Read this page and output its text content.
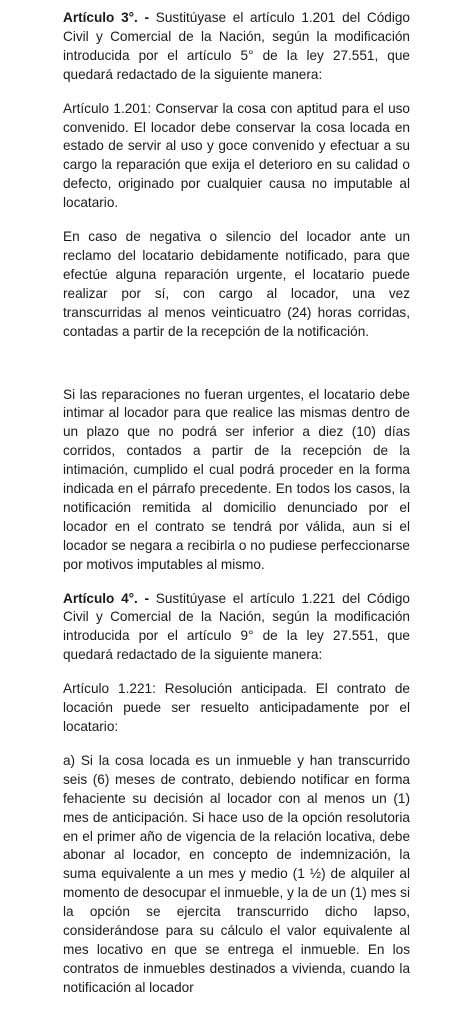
Artículo 3°. - Sustitúyase el artículo 1.201 del Código Civil y Comercial de la Nación, según la modificación introducida por el artículo 5° de la ley 27.551, que quedará redactado de la siguiente manera:

Artículo 1.201: Conservar la cosa con aptitud para el uso convenido. El locador debe conservar la cosa locada en estado de servir al uso y goce convenido y efectuar a su cargo la reparación que exija el deterioro en su calidad o defecto, originado por cualquier causa no imputable al locatario.

En caso de negativa o silencio del locador ante un reclamo del locatario debidamente notificado, para que efectúe alguna reparación urgente, el locatario puede realizar por sí, con cargo al locador, una vez transcurridas al menos veinticuatro (24) horas corridas, contadas a partir de la recepción de la notificación.

Si las reparaciones no fueran urgentes, el locatario debe intimar al locador para que realice las mismas dentro de un plazo que no podrá ser inferior a diez (10) días corridos, contados a partir de la recepción de la intimación, cumplido el cual podrá proceder en la forma indicada en el párrafo precedente. En todos los casos, la notificación remitida al domicilio denunciado por el locador en el contrato se tendrá por válida, aun si el locador se negara a recibirla o no pudiese perfeccionarse por motivos imputables al mismo.

Artículo 4°. - Sustitúyase el artículo 1.221 del Código Civil y Comercial de la Nación, según la modificación introducida por el artículo 9° de la ley 27.551, que quedará redactado de la siguiente manera:

Artículo 1.221: Resolución anticipada. El contrato de locación puede ser resuelto anticipadamente por el locatario:

a) Si la cosa locada es un inmueble y han transcurrido seis (6) meses de contrato, debiendo notificar en forma fehaciente su decisión al locador con al menos un (1) mes de anticipación. Si hace uso de la opción resolutoria en el primer año de vigencia de la relación locativa, debe abonar al locador, en concepto de indemnización, la suma equivalente a un mes y medio (1 ½) de alquiler al momento de desocupar el inmueble, y la de un (1) mes si la opción se ejercita transcurrido dicho lapso, considerándose para su cálculo el valor equivalente al mes locativo en que se entrega el inmueble. En los contratos de inmuebles destinados a vivienda, cuando la notificación al locador
